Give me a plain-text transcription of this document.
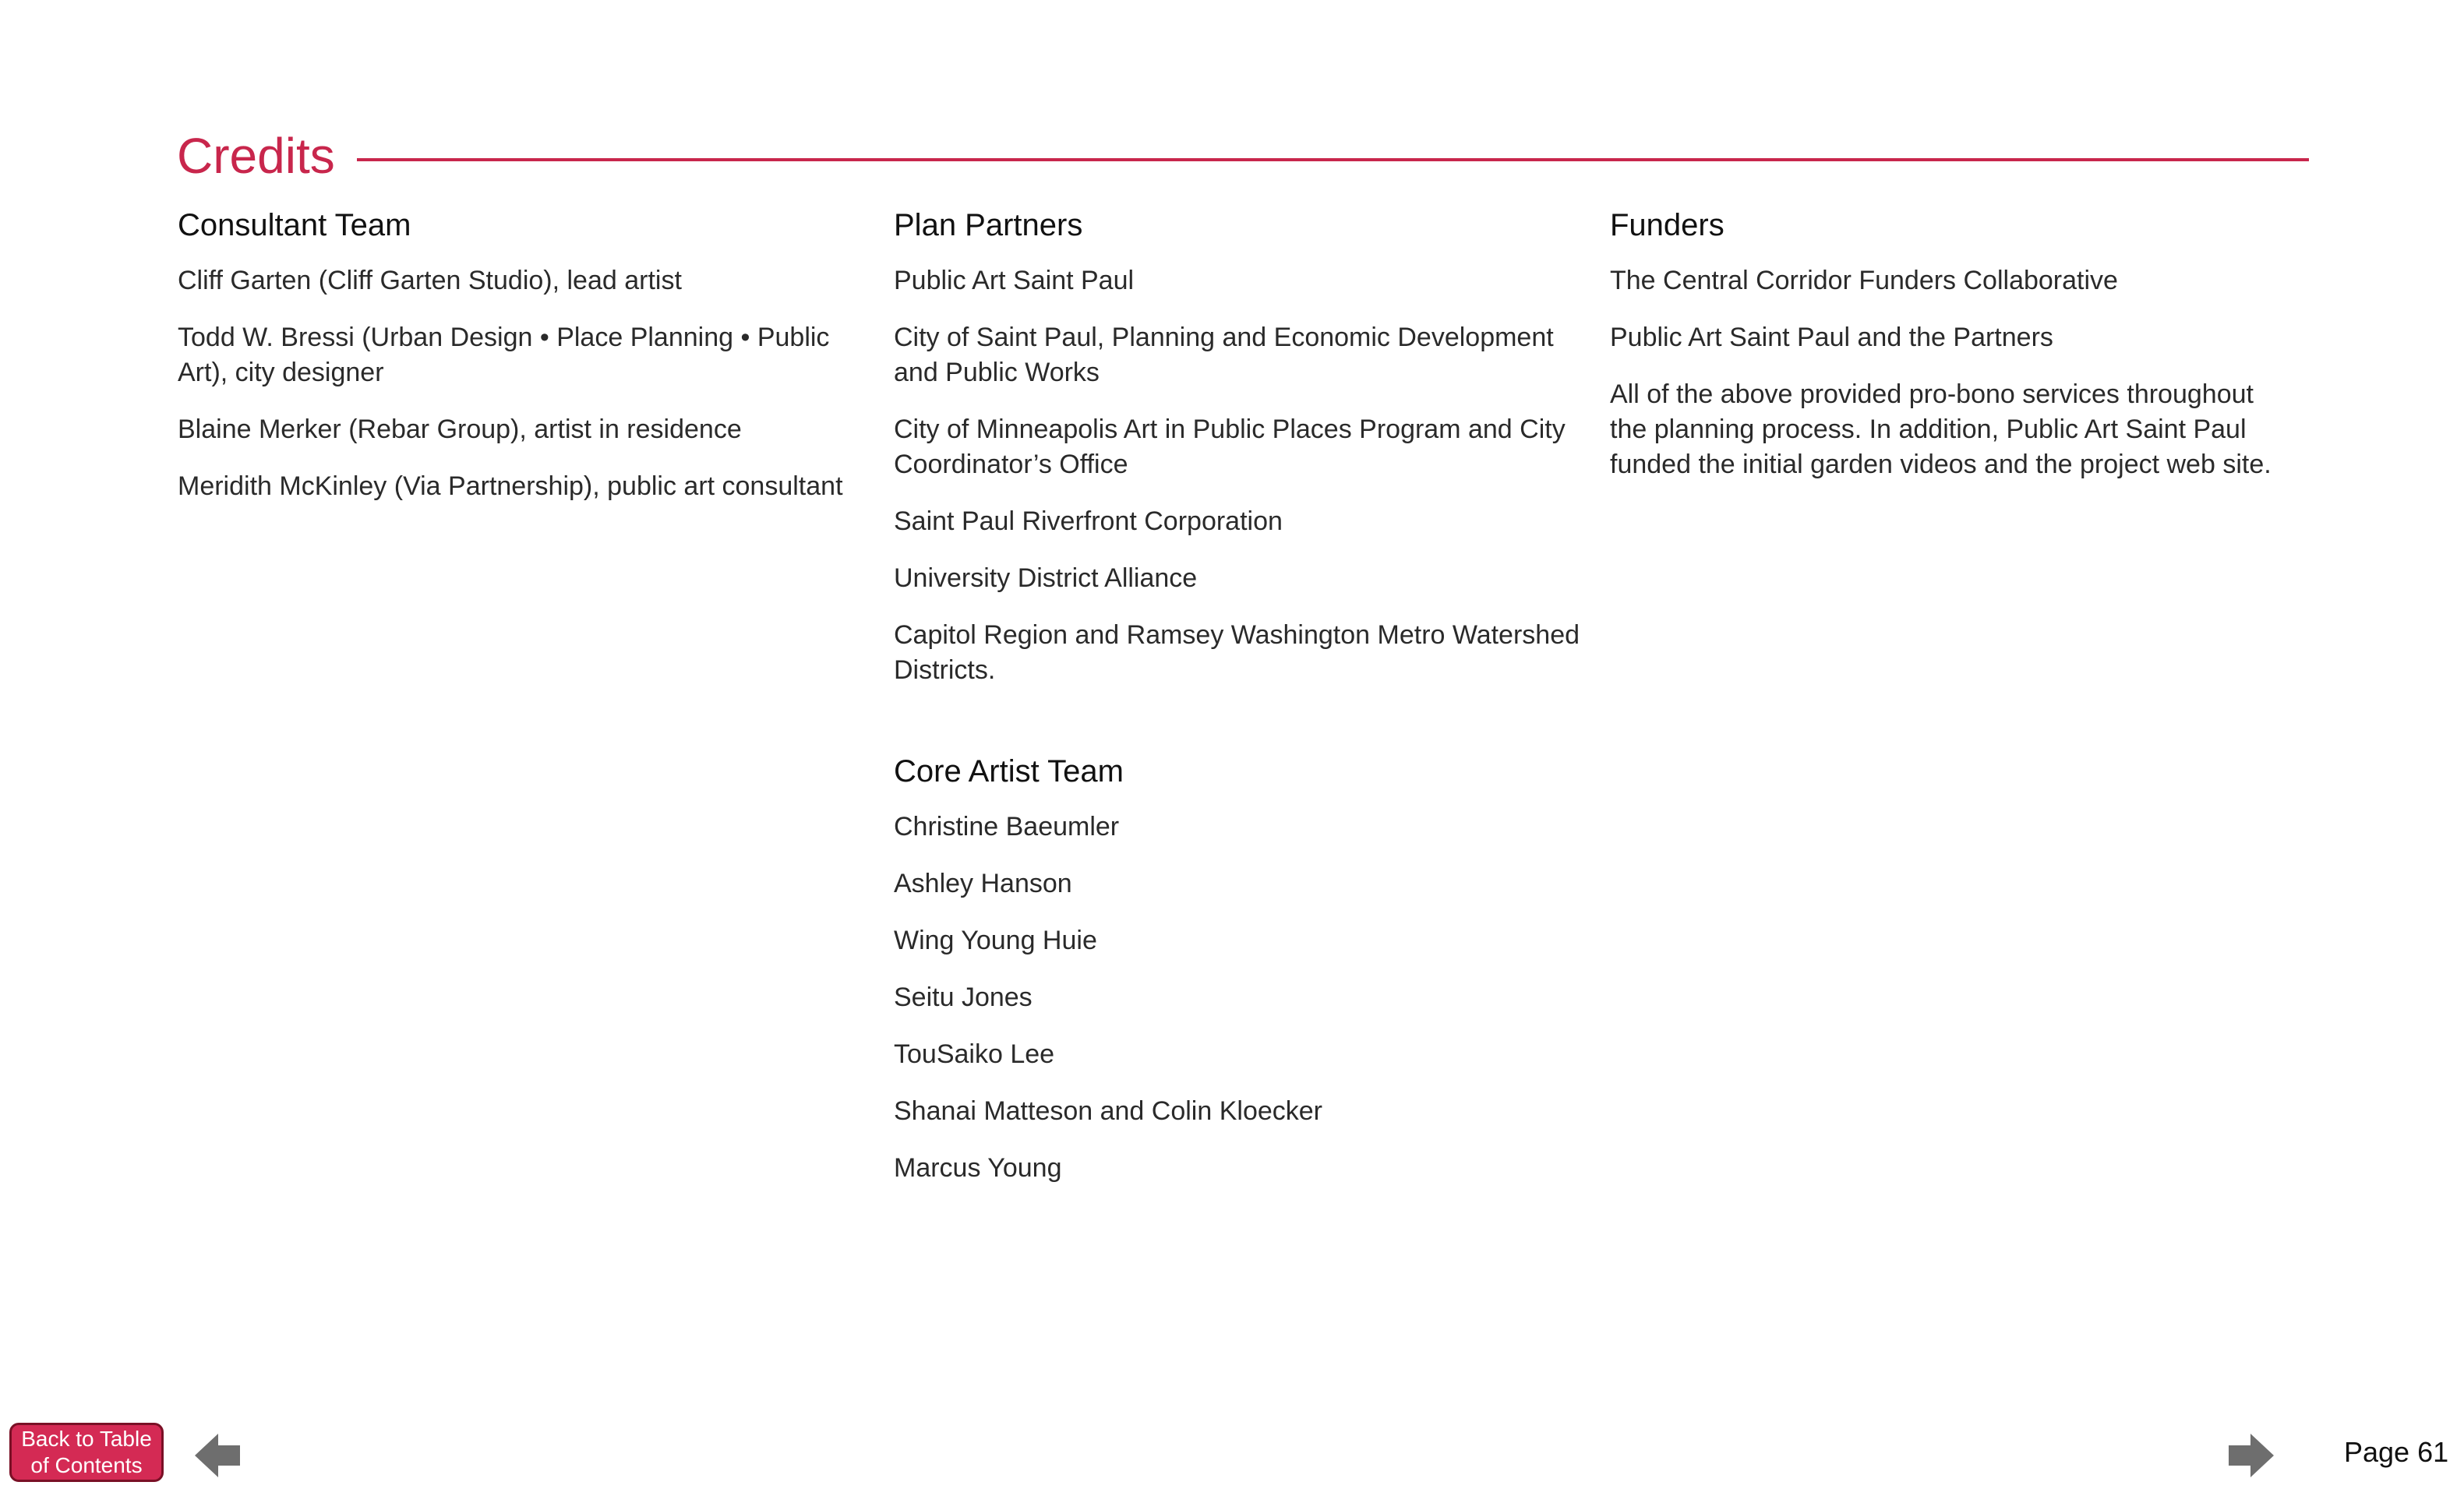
Credits
Consultant Team

Cliff Garten (Cliff Garten Studio), lead artist

Todd W. Bressi (Urban Design • Place Planning • Public Art), city designer

Blaine Merker (Rebar Group), artist in residence

Meridith McKinley (Via Partnership), public art consultant

Plan Partners

Public Art Saint Paul

City of Saint Paul, Planning and Economic Development and Public Works

City of Minneapolis Art in Public Places Program and City Coordinator’s Office

Saint Paul Riverfront Corporation

University District Alliance

Capitol Region and Ramsey Washington Metro Watershed Districts.

Core Artist Team

Christine Baeumler

Ashley Hanson

Wing Young Huie

Seitu Jones

TouSaiko Lee

Shanai Matteson and Colin Kloecker

Marcus Young

Funders

The Central Corridor Funders Collaborative

Public Art Saint Paul and the Partners

All of the above provided pro-bono services throughout the planning process. In addition, Public Art Saint Paul funded the initial garden videos and the project web site.

Back to Table
of Contents	Page 61
